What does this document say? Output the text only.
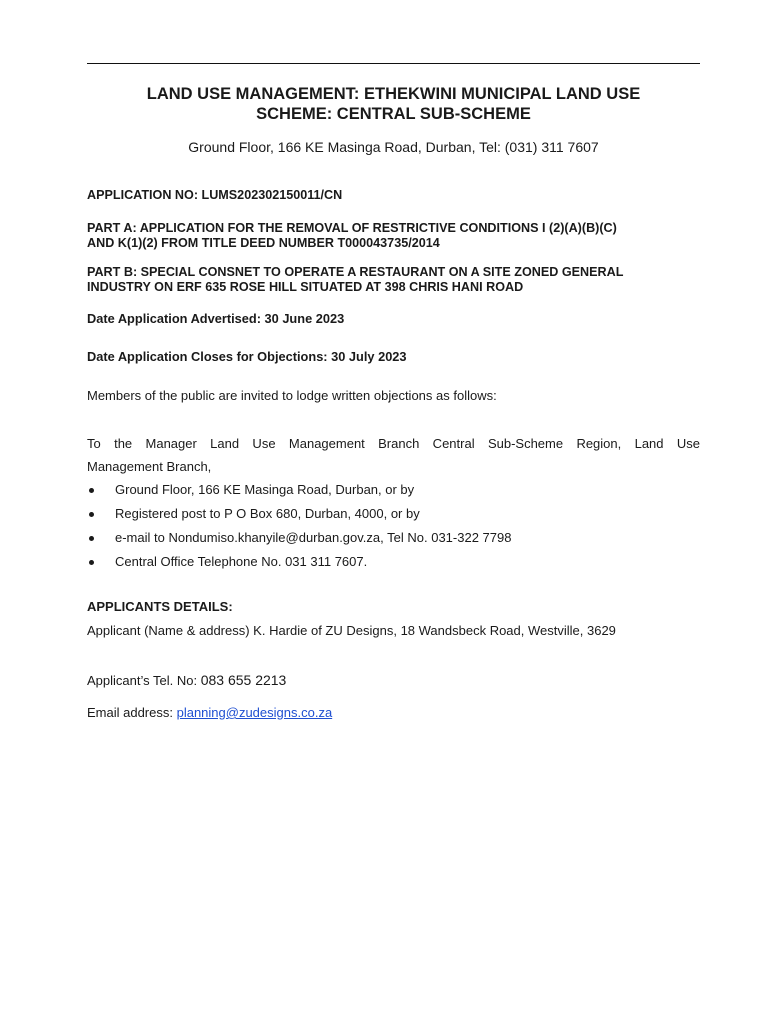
LAND USE MANAGEMENT: ETHEKWINI MUNICIPAL LAND USE
SCHEME: CENTRAL SUB-SCHEME

Ground Floor, 166 KE Masinga Road, Durban, Tel: (031) 311 7607

APPLICATION NO: LUMS202302150011/CN

PART A: APPLICATION FOR THE REMOVAL OF RESTRICTIVE CONDITIONS I (2)(A)(B)(C)
AND K(1)(2) FROM TITLE DEED NUMBER T000043735/2014

PART B: SPECIAL CONSNET TO OPERATE A RESTAURANT ON A SITE ZONED GENERAL
INDUSTRY ON ERF 635 ROSE HILL SITUATED AT 398 CHRIS HANI ROAD

Date Application Advertised: 30 June 2023

Date Application Closes for Objections: 30 July 2023

Members of the public are invited to lodge written objections as follows:

To the Manager Land Use Management Branch Central Sub-Scheme Region, Land Use
Management Branch,

Ground Floor, 166 KE Masinga Road, Durban, or by
Registered post to P O Box 680, Durban, 4000, or by
e-mail to Nondumiso.khanyile@durban.gov.za, Tel No. 031-322 7798
Central Office Telephone No. 031 311 7607.

APPLICANTS DETAILS:

Applicant (Name & address) K. Hardie of ZU Designs, 18 Wandsbeck Road, Westville, 3629

Applicant’s Tel. No: 083 655 2213

Email address: planning@zudesigns.co.za
